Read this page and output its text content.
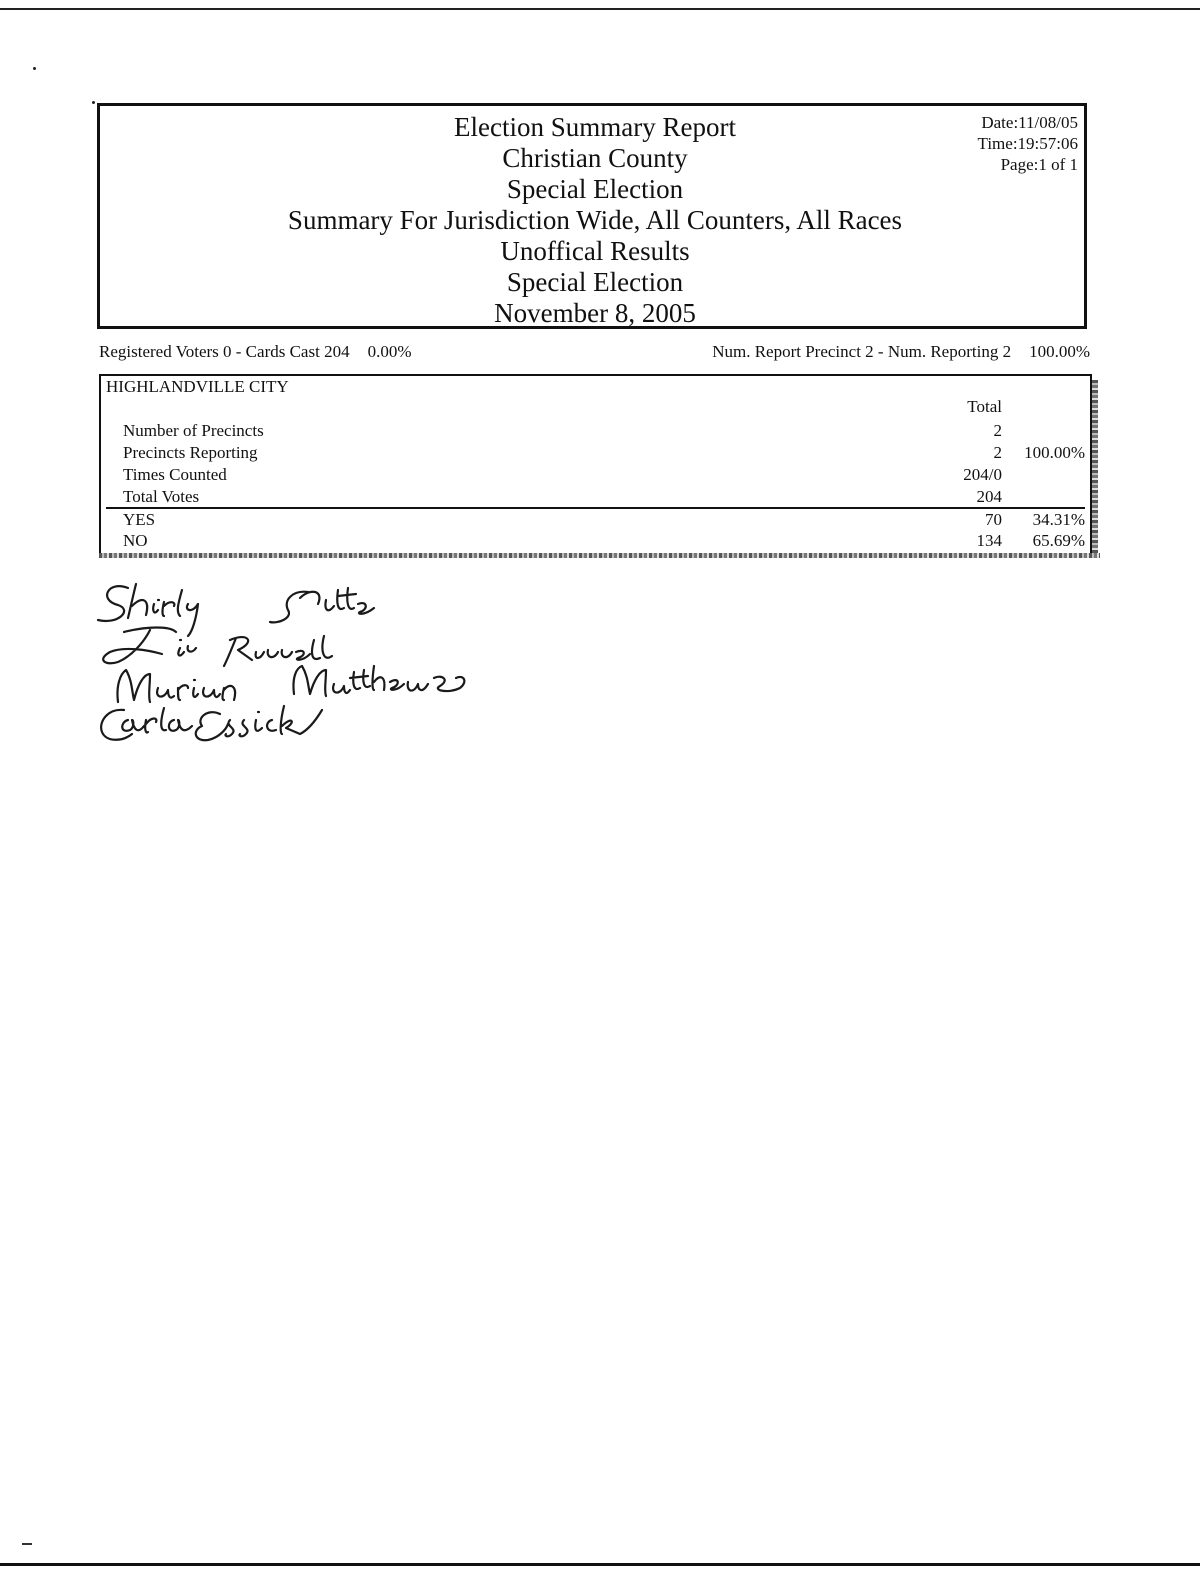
Election Summary Report
Christian County
Special Election
Summary For Jurisdiction Wide, All Counters, All Races
Unoffical Results
Special Election
November 8, 2005
Date:11/08/05
Time:19:57:06
Page:1 of 1
Registered Voters 0 - Cards Cast 204 0.00%	Num. Report Precinct 2 - Num. Reporting 2 100.00%
HIGHLANDVILLE CITY
Total
Number of Precincts	2
Precincts Reporting	2 100.00%
Times Counted	204/0
Total Votes	204
YES	70 34.31%
NO	134 65.69%
